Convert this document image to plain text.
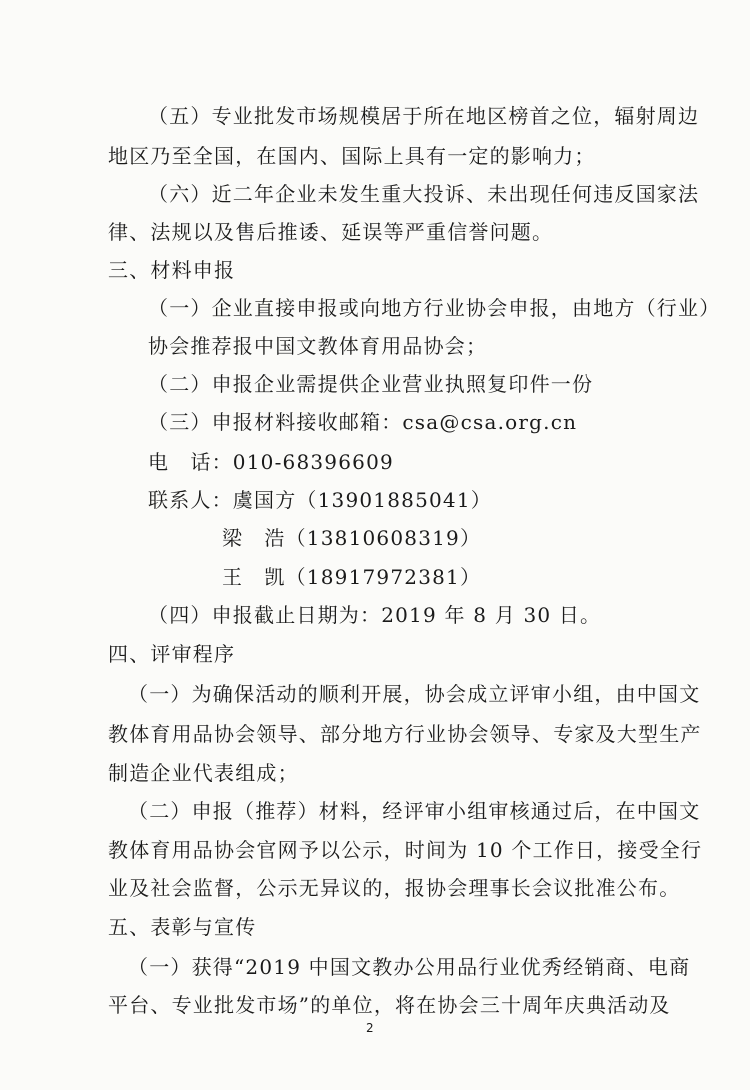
（五）专业批发市场规模居于所在地区榜首之位，辐射周边
地区乃至全国，在国内、国际上具有一定的影响力；
（六）近二年企业未发生重大投诉、未出现任何违反国家法
律、法规以及售后推诿、延误等严重信誉问题。
三、材料申报
（一）企业直接申报或向地方行业协会申报，由地方（行业）
协会推荐报中国文教体育用品协会；
（二）申报企业需提供企业营业执照复印件一份
（三）申报材料接收邮箱：csa@csa.org.cn
电　话：010-68396609
联系人：虞国方（13901885041）
梁　浩（13810608319）
王　凯（18917972381）
（四）申报截止日期为：2019 年 8 月 30 日。
四、评审程序
（一）为确保活动的顺利开展，协会成立评审小组，由中国文
教体育用品协会领导、部分地方行业协会领导、专家及大型生产
制造企业代表组成；
（二）申报（推荐）材料，经评审小组审核通过后，在中国文
教体育用品协会官网予以公示，时间为 10 个工作日，接受全行
业及社会监督，公示无异议的，报协会理事长会议批准公布。
五、表彰与宣传
（一）获得“2019 中国文教办公用品行业优秀经销商、电商
平台、专业批发市场”的单位，将在协会三十周年庆典活动及
2
